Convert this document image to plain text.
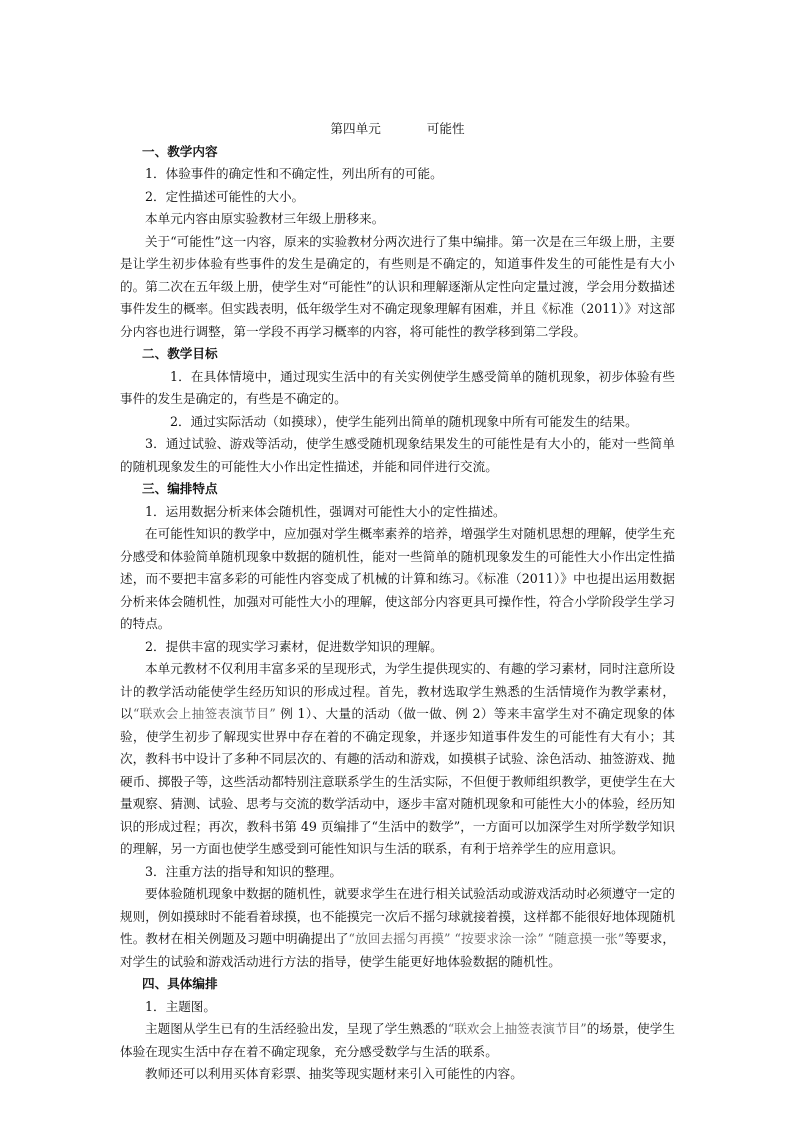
第四单元	可能性
一、教学内容

1．体验事件的确定性和不确定性，列出所有的可能。

2．定性描述可能性的大小。

本单元内容由原实验教材三年级上册移来。

关于“可能性”这一内容，原来的实验教材分两次进行了集中编排。第一次是在三年级上册，主要是让学生初步体验有些事件的发生是确定的，有些则是不确定的，知道事件发生的可能性是有大小的。第二次在五年级上册，使学生对“可能性”的认识和理解逐渐从定性向定量过渡，学会用分数描述事件发生的概率。但实践表明，低年级学生对不确定现象理解有困难，并且《标准（2011）》对这部分内容也进行调整，第一学段不再学习概率的内容，将可能性的教学移到第二学段。

二、教学目标

1．在具体情境中，通过现实生活中的有关实例使学生感受简单的随机现象，初步体验有些事件的发生是确定的，有些是不确定的。

2．通过实际活动（如摸球），使学生能列出简单的随机现象中所有可能发生的结果。

3．通过试验、游戏等活动，使学生感受随机现象结果发生的可能性是有大小的，能对一些简单的随机现象发生的可能性大小作出定性描述，并能和同伴进行交流。

三、编排特点

1．运用数据分析来体会随机性，强调对可能性大小的定性描述。

在可能性知识的教学中，应加强对学生概率素养的培养，增强学生对随机思想的理解，使学生充分感受和体验简单随机现象中数据的随机性，能对一些简单的随机现象发生的可能性大小作出定性描述，而不要把丰富多彩的可能性内容变成了机械的计算和练习。《标准（2011）》中也提出运用数据分析来体会随机性，加强对可能性大小的理解，使这部分内容更具可操作性，符合小学阶段学生学习的特点。

2．提供丰富的现实学习素材，促进数学知识的理解。

本单元教材不仅利用丰富多采的呈现形式，为学生提供现实的、有趣的学习素材，同时注意所设计的教学活动能使学生经历知识的形成过程。首先，教材选取学生熟悉的生活情境作为教学素材，以“联欢会上抽签表演节目” 例 1）、大量的活动（做一做、例 2）等来丰富学生对不确定现象的体验，使学生初步了解现实世界中存在着的不确定现象，并逐步知道事件发生的可能性有大有小；其次，教科书中设计了多种不同层次的、有趣的活动和游戏，如摸棋子试验、涂色活动、抽签游戏、抛硬币、掷骰子等，这些活动都特别注意联系学生的生活实际，不但便于教师组织教学，更使学生在大量观察、猜测、试验、思考与交流的数学活动中，逐步丰富对随机现象和可能性大小的体验，经历知识的形成过程；再次，教科书第 49 页编排了“生活中的数学”，一方面可以加深学生对所学数学知识的理解，另一方面也使学生感受到可能性知识与生活的联系，有利于培养学生的应用意识。

3．注重方法的指导和知识的整理。

要体验随机现象中数据的随机性，就要求学生在进行相关试验活动或游戏活动时必须遵守一定的规则，例如摸球时不能看着球摸，也不能摸完一次后不摇匀球就接着摸，这样都不能很好地体现随机性。教材在相关例题及习题中明确提出了“放回去摇匀再摸” “按要求涂一涂” “随意摸一张”等要求，对学生的试验和游戏活动进行方法的指导，使学生能更好地体验数据的随机性。

四、具体编排

1．主题图。

主题图从学生已有的生活经验出发，呈现了学生熟悉的“联欢会上抽签表演节目”的场景，使学生体验在现实生活中存在着不确定现象，充分感受数学与生活的联系。

教师还可以利用买体育彩票、抽奖等现实题材来引入可能性的内容。
